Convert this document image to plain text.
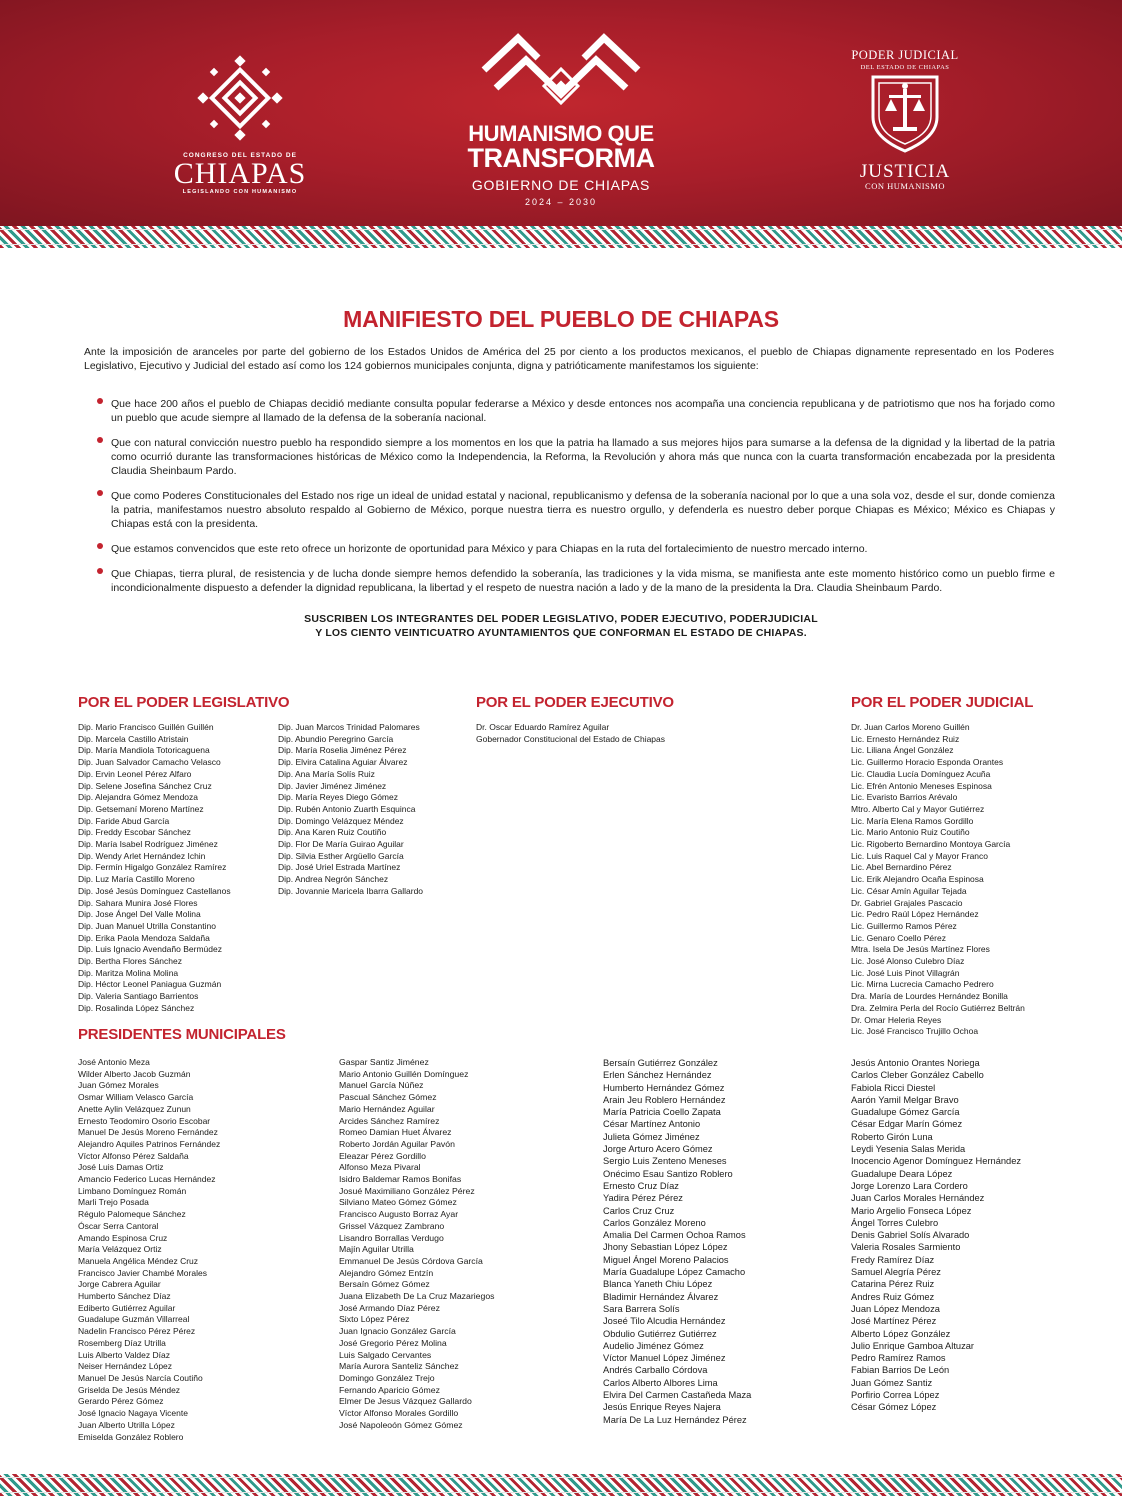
CONGRESO DEL ESTADO DE
CHIAPAS
LEGISLANDO CON HUMANISMO
HUMANISMO QUE
TRANSFORMA
GOBIERNO DE CHIAPAS
2024 – 2030
PODER JUDICIAL
DEL ESTADO DE CHIAPAS
JUSTICIA
CON HUMANISMO
MANIFIESTO DEL PUEBLO DE CHIAPAS

Ante la imposición de aranceles por parte del gobierno de los Estados Unidos de América del 25 por ciento a los productos mexicanos, el pueblo de Chiapas dignamente representado en los Poderes Legislativo, Ejecutivo y Judicial del estado así como los 124 gobiernos municipales conjunta, digna y patrióticamente manifestamos los siguiente:

Que hace 200 años el pueblo de Chiapas decidió mediante consulta popular federarse a México y desde entonces nos acompaña una conciencia republicana y de patriotismo que nos ha forjado como un pueblo que acude siempre al llamado de la defensa de la soberanía nacional.
Que con natural convicción nuestro pueblo ha respondido siempre a los momentos en los que la patria ha llamado a sus mejores hijos para sumarse a la defensa de la dignidad y la libertad de la patria como ocurrió durante las transformaciones históricas de México como la Independencia, la Reforma, la Revolución y ahora más que nunca con la cuarta transformación encabezada por la presidenta Claudia Sheinbaum Pardo.
Que como Poderes Constitucionales del Estado nos rige un ideal de unidad estatal y nacional, republicanismo y defensa de la soberanía nacional por lo que a una sola voz, desde el sur, donde comienza la patria, manifestamos nuestro absoluto respaldo al Gobierno de México, porque nuestra tierra es nuestro orgullo, y defenderla es nuestro deber porque Chiapas es México; México es Chiapas y Chiapas está con la presidenta.
Que estamos convencidos que este reto ofrece un horizonte de oportunidad para México y para Chiapas en la ruta del fortalecimiento de nuestro mercado interno.
Que Chiapas, tierra plural, de resistencia y de lucha donde siempre hemos defendido la soberanía, las tradiciones y la vida misma, se manifiesta ante este momento histórico como un pueblo firme e incondicionalmente dispuesto a defender la dignidad republicana, la libertad y el respeto de nuestra nación a lado y de la mano de la presidenta la Dra. Claudia Sheinbaum Pardo.
SUSCRIBEN LOS INTEGRANTES DEL PODER LEGISLATIVO, PODER EJECUTIVO, PODERJUDICIAL
Y LOS CIENTO VEINTICUATRO AYUNTAMIENTOS QUE CONFORMAN EL ESTADO DE CHIAPAS.
POR EL PODER LEGISLATIVO	POR EL PODER EJECUTIVO	POR EL PODER JUDICIAL
PRESIDENTES MUNICIPALES
Dip. Mario Francisco Guillén Guillén
Dip. Marcela Castillo Atristain
Dip. María Mandiola Totoricaguena
Dip. Juan Salvador Camacho Velasco
Dip. Ervin Leonel Pérez Alfaro
Dip. Selene Josefina Sánchez Cruz
Dip. Alejandra Gómez Mendoza
Dip. Getsemaní Moreno Martínez
Dip. Faride Abud García
Dip. Freddy Escobar Sánchez
Dip. María Isabel Rodríguez Jiménez
Dip. Wendy Arlet Hernández Ichin
Dip. Fermín Higalgo González Ramírez
Dip. Luz María Castillo Moreno
Dip. José Jesús Domínguez Castellanos
Dip. Sahara Munira José Flores
Dip. Jose Ángel Del Valle Molina
Dip. Juan Manuel Utrilla Constantino
Dip. Erika Paola Mendoza Saldaña
Dip. Luis Ignacio Avendaño Bermúdez
Dip. Bertha Flores Sánchez
Dip. Maritza Molina Molina
Dip. Héctor Leonel Paniagua Guzmán
Dip. Valeria Santiago Barrientos
Dip. Rosalinda López Sánchez
Dip. Juan Marcos Trinidad Palomares
Dip. Abundio Peregrino García
Dip. María Roselia Jiménez Pérez
Dip. Elvira Catalina Aguiar Álvarez
Dip. Ana María Solís Ruiz
Dip. Javier Jiménez Jiménez
Dip. María Reyes Diego Gómez
Dip. Rubén Antonio Zuarth Esquinca
Dip. Domingo Velázquez Méndez
Dip. Ana Karen Ruiz Coutiño
Dip. Flor De María Guirao Aguilar
Dip. Silvia Esther Argüello García
Dip. José Uriel Estrada Martínez
Dip. Andrea Negrón Sánchez
Dip. Jovannie Maricela Ibarra Gallardo
Dr. Oscar Eduardo Ramírez Aguilar
Gobernador Constitucional del Estado de Chiapas
Dr. Juan Carlos Moreno Guillén
Lic. Ernesto Hernández Ruiz
Lic. Liliana Ángel González
Lic. Guillermo Horacio Esponda Orantes
Lic. Claudia Lucía Domínguez Acuña
Lic. Efrén Antonio Meneses Espinosa
Lic. Evaristo Barrios Arévalo
Mtro. Alberto Cal y Mayor Gutiérrez
Lic. María Elena Ramos Gordillo
Lic. Mario Antonio Ruiz Coutiño
Lic. Rigoberto Bernardino Montoya García
Lic. Luis Raquel Cal y Mayor Franco
Lic. Abel Bernardino Pérez
Lic. Erik Alejandro Ocaña Espinosa
Lic. César Amín Aguilar Tejada
Dr. Gabriel Grajales Pascacio
Lic. Pedro Raúl López Hernández
Lic. Guillermo Ramos Pérez
Lic. Genaro Coello Pérez
Mtra. Isela De Jesús Martínez Flores
Lic. José Alonso Culebro Díaz
Lic. José Luis Pinot Villagrán
Lic. Mirna Lucrecia Camacho Pedrero
Dra. María de Lourdes Hernández Bonilla
Dra. Zelmira Perla del Rocío Gutiérrez Beltrán
Dr. Omar Heleria Reyes
Lic. José Francisco Trujillo Ochoa
José Antonio Meza
Wilder Alberto Jacob Guzmán
Juan Gómez Morales
Osmar William Velasco García
Anette Aylin Velázquez Zunun
Ernesto Teodomiro Osorio Escobar
Manuel De Jesús Moreno Fernández
Alejandro Aquiles Patrinos Fernández
Víctor Alfonso Pérez Saldaña
José Luis Damas Ortiz
Amancio Federico Lucas Hernández
Limbano Domínguez Román
Marli Trejo Posada
Régulo Palomeque Sánchez
Óscar Serra Cantoral
Amando Espinosa Cruz
María Velázquez Ortiz
Manuela Angélica Méndez Cruz
Francisco Javier Chambé Morales
Jorge Cabrera Aguilar
Humberto Sánchez Díaz
Ediberto Gutiérrez Aguilar
Guadalupe Guzmán Villarreal
Nadelin Francisco Pérez Pérez
Rosemberg Díaz Utrilla
Luis Alberto Valdez Díaz
Neiser Hernández López
Manuel De Jesús Narcía Coutiño
Griselda De Jesús Méndez
Gerardo Pérez Gómez
José Ignacio Nagaya Vicente
Juan Alberto Utrilla López
Emiselda González Roblero
Gaspar Santiz Jiménez
Mario Antonio Guillén Domínguez
Manuel García Núñez
Pascual Sánchez Gómez
Mario Hernández Aguilar
Arcides Sánchez Ramírez
Romeo Damian Huet Álvarez
Roberto Jordán Aguilar Pavón
Eleazar Pérez Gordillo
Alfonso Meza Pivaral
Isidro Baldemar Ramos Bonifas
Josué Maximiliano González Pérez
Silviano Mateo Gómez Gómez
Francisco Augusto Borraz Ayar
Grissel Vázquez Zambrano
Lisandro Borrallas Verdugo
Majín Aguilar Utrilla
Emmanuel De Jesús Córdova García
Alejandro Gómez Entzín
Bersaín Gómez Gómez
Juana Elizabeth De La Cruz Mazariegos
José Armando Díaz Pérez
Sixto López Pérez
Juan Ignacio González García
José Gregorio Pérez Molina
Luis Salgado Cervantes
María Aurora Santeliz Sánchez
Domingo González Trejo
Fernando Aparicio Gómez
Elmer De Jesus Vázquez Gallardo
Víctor Alfonso Morales Gordillo
José Napoleoón Gómez Gómez
Bersaín Gutiérrez González
Erlen Sánchez Hernández
Humberto Hernández Gómez
Arain Jeu Roblero Hernández
María Patricia Coello Zapata
César Martínez Antonio
Julieta Gómez Jiménez
Jorge Arturo Acero Gómez
Sergio Luis Zenteno Meneses
Onécimo Esau Santizo Roblero
Ernesto Cruz Díaz
Yadira Pérez Pérez
Carlos Cruz Cruz
Carlos González Moreno
Amalia Del Carmen Ochoa Ramos
Jhony Sebastian López López
Miguel Ángel Moreno Palacios
María Guadalupe López Camacho
Blanca Yaneth Chiu López
Bladimir Hernández Álvarez
Sara Barrera Solís
Joseé Tilo Alcudia Hernández
Obdulio Gutiérrez Gutiérrez
Audelio Jiménez Gómez
Víctor Manuel López Jiménez
Andrés Carballo Córdova
Carlos Alberto Albores Lima
Elvira Del Carmen Castañeda Maza
Jesús Enrique Reyes Najera
María De La Luz Hernández Pérez
Jesús Antonio Orantes Noriega
Carlos Cleber González Cabello
Fabiola Ricci Diestel
Aarón Yamil Melgar Bravo
Guadalupe Gómez García
César Edgar Marín Gómez
Roberto Girón Luna
Leydi Yesenia Salas Merida
Inocencio Agenor Domínguez Hernández
Guadalupe Deara López
Jorge Lorenzo Lara Cordero
Juan Carlos Morales Hernández
Mario Argelio Fonseca López
Ángel Torres Culebro
Denis Gabriel Solís Alvarado
Valeria Rosales Sarmiento
Fredy Ramírez Díaz
Samuel Alegría Pérez
Catarina Pérez Ruiz
Andres Ruiz Gómez
Juan López Mendoza
José Martínez Pérez
Alberto López González
Julio Enrique Gamboa Altuzar
Pedro Ramírez Ramos
Fabian Barrios De León
Juan Gómez Santiz
Porfirio Correa López
César Gómez López
